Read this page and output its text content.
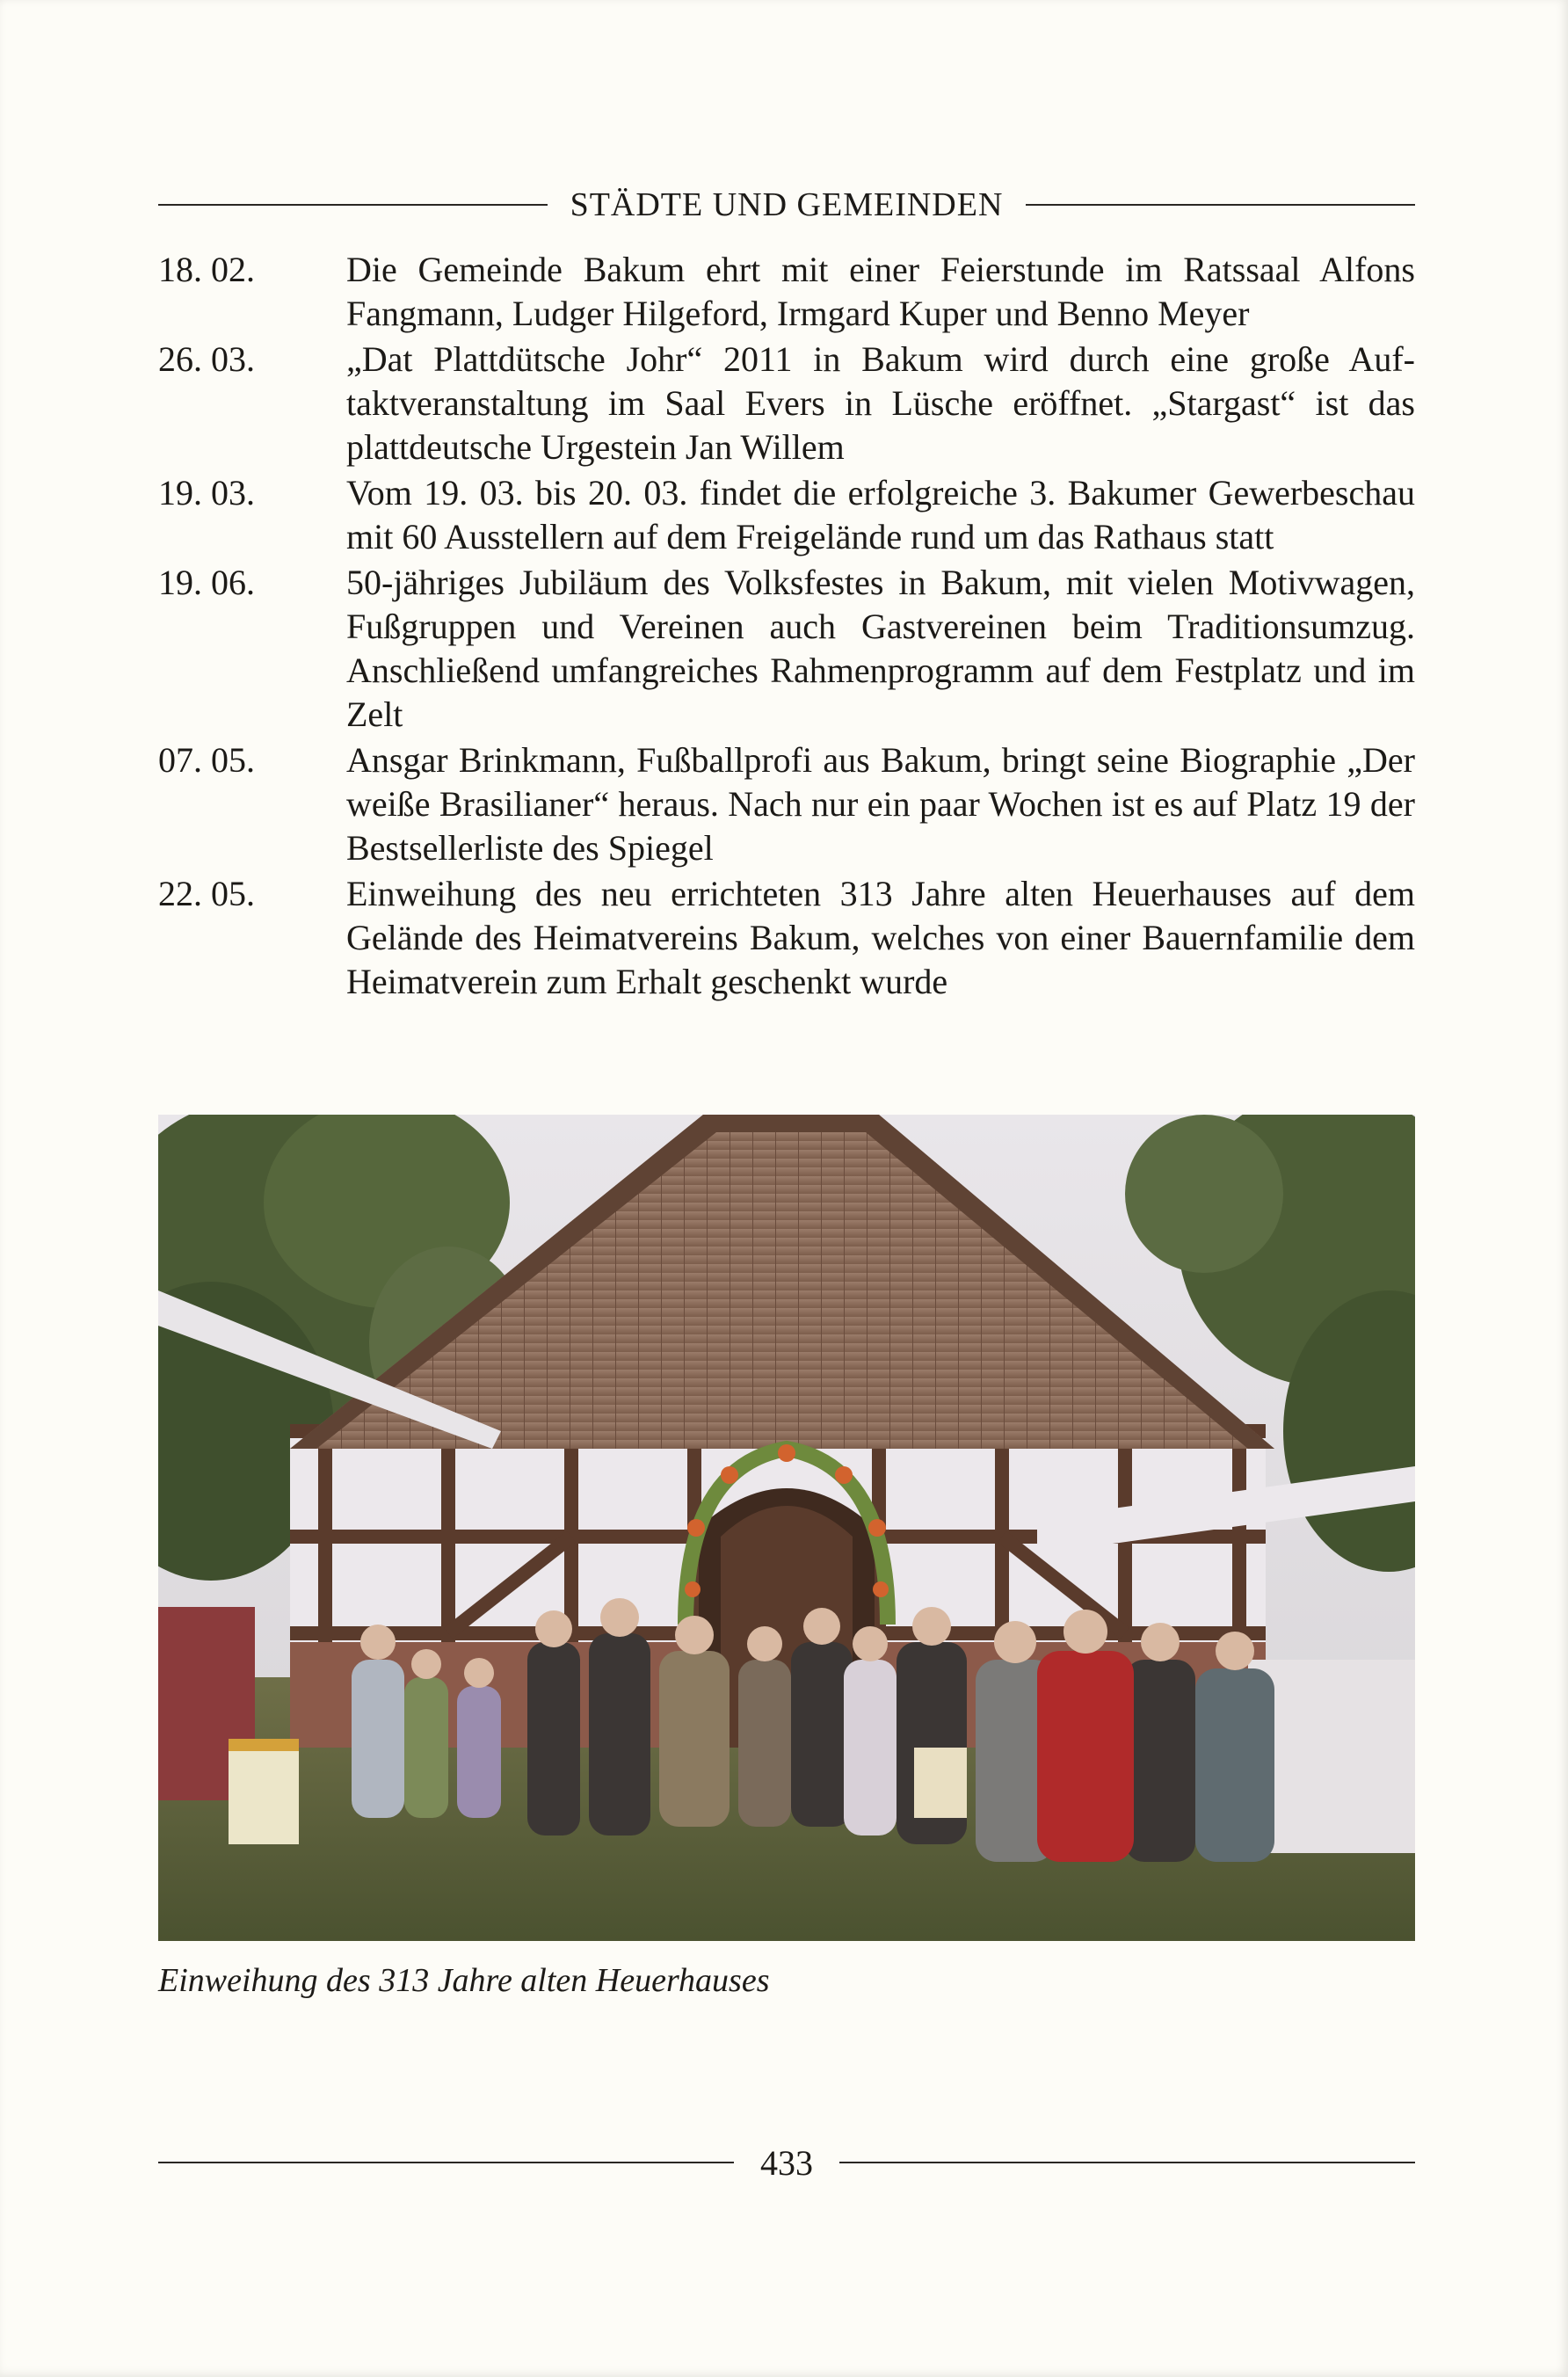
STÄDTE UND GEMEINDEN
18. 02.	Die Gemeinde Bakum ehrt mit einer Feierstunde im Ratssaal Alfons Fangmann, Ludger Hilgeford, Irmgard Kuper und Benno Meyer
26. 03.	„Dat Plattdütsche Johr“ 2011 in Bakum wird durch eine große Auftaktveranstaltung im Saal Evers in Lüsche eröffnet. „Stargast“ ist das plattdeutsche Urgestein Jan Willem
19. 03.	Vom 19. 03. bis 20. 03. findet die erfolgreiche 3. Bakumer Gewerbeschau mit 60 Ausstellern auf dem Freigelände rund um das Rathaus statt
19. 06.	50-jähriges Jubiläum des Volksfestes in Bakum, mit vielen Motivwagen, Fußgruppen und Vereinen auch Gastvereinen beim Traditionsumzug. Anschließend umfangreiches Rahmenprogramm auf dem Festplatz und im Zelt
07. 05.	Ansgar Brinkmann, Fußballprofi aus Bakum, bringt seine Biographie „Der weiße Brasilianer“ heraus. Nach nur ein paar Wochen ist es auf Platz 19 der Bestsellerliste des Spiegel
22. 05.	Einweihung des neu errichteten 313 Jahre alten Heuerhauses auf dem Gelände des Heimatvereins Bakum, welches von einer Bauernfamilie dem Heimatverein zum Erhalt geschenkt wurde
Einweihung des 313 Jahre alten Heuerhauses
433
